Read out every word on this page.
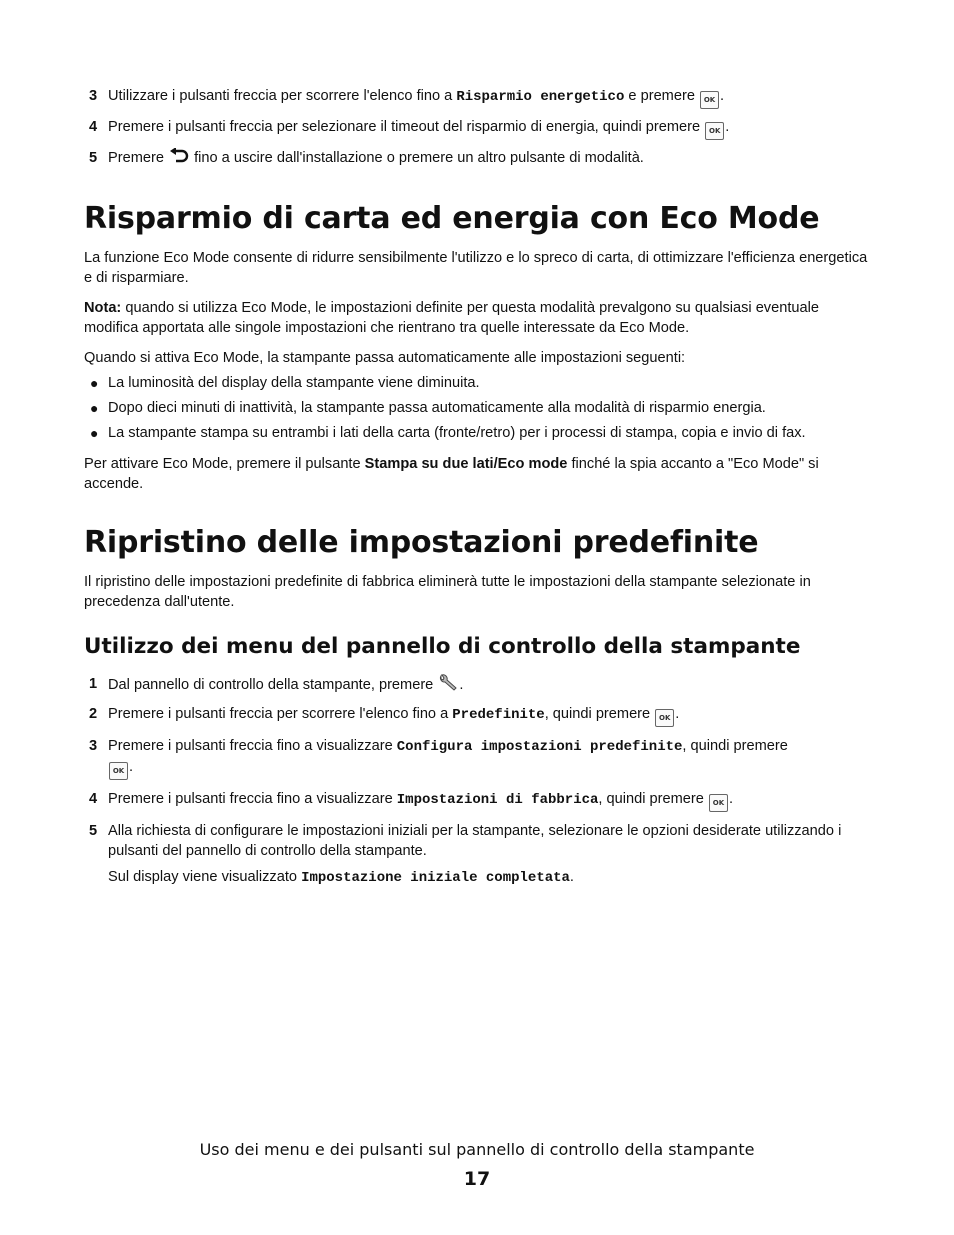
3 Utilizzare i pulsanti freccia per scorrere l'elenco fino a Risparmio energetico e premere OK .

4 Premere i pulsanti freccia per selezionare il timeout del risparmio di energia, quindi premere OK .

5 Premere fino a uscire dall'installazione o premere un altro pulsante di modalità.

Risparmio di carta ed energia con Eco Mode

La funzione Eco Mode consente di ridurre sensibilmente l'utilizzo e lo spreco di carta, di ottimizzare l'efficienza energetica e di risparmiare.

Nota: quando si utilizza Eco Mode, le impostazioni definite per questa modalità prevalgono su qualsiasi eventuale modifica apportata alle singole impostazioni che rientrano tra quelle interessate da Eco Mode.

Quando si attiva Eco Mode, la stampante passa automaticamente alle impostazioni seguenti:

● La luminosità del display della stampante viene diminuita.

● Dopo dieci minuti di inattività, la stampante passa automaticamente alla modalità di risparmio energia.

● La stampante stampa su entrambi i lati della carta (fronte/retro) per i processi di stampa, copia e invio di fax.

Per attivare Eco Mode, premere il pulsante Stampa su due lati/Eco mode finché la spia accanto a "Eco Mode" si accende.

Ripristino delle impostazioni predefinite

Il ripristino delle impostazioni predefinite di fabbrica eliminerà tutte le impostazioni della stampante selezionate in precedenza dall'utente.

Utilizzo dei menu del pannello di controllo della stampante
1 Dal pannello di controllo della stampante, premere .

2 Premere i pulsanti freccia per scorrere l'elenco fino a Predefinite, quindi premere OK .

3 Premere i pulsanti freccia fino a visualizzare Configura impostazioni predefinite, quindi premere
OK .

4 Premere i pulsanti freccia fino a visualizzare Impostazioni di fabbrica, quindi premere OK .

5 Alla richiesta di configurare le impostazioni iniziali per la stampante, selezionare le opzioni desiderate utilizzando i pulsanti del pannello di controllo della stampante.

Sul display viene visualizzato Impostazione iniziale completata.

Uso dei menu e dei pulsanti sul pannello di controllo della stampante
17
